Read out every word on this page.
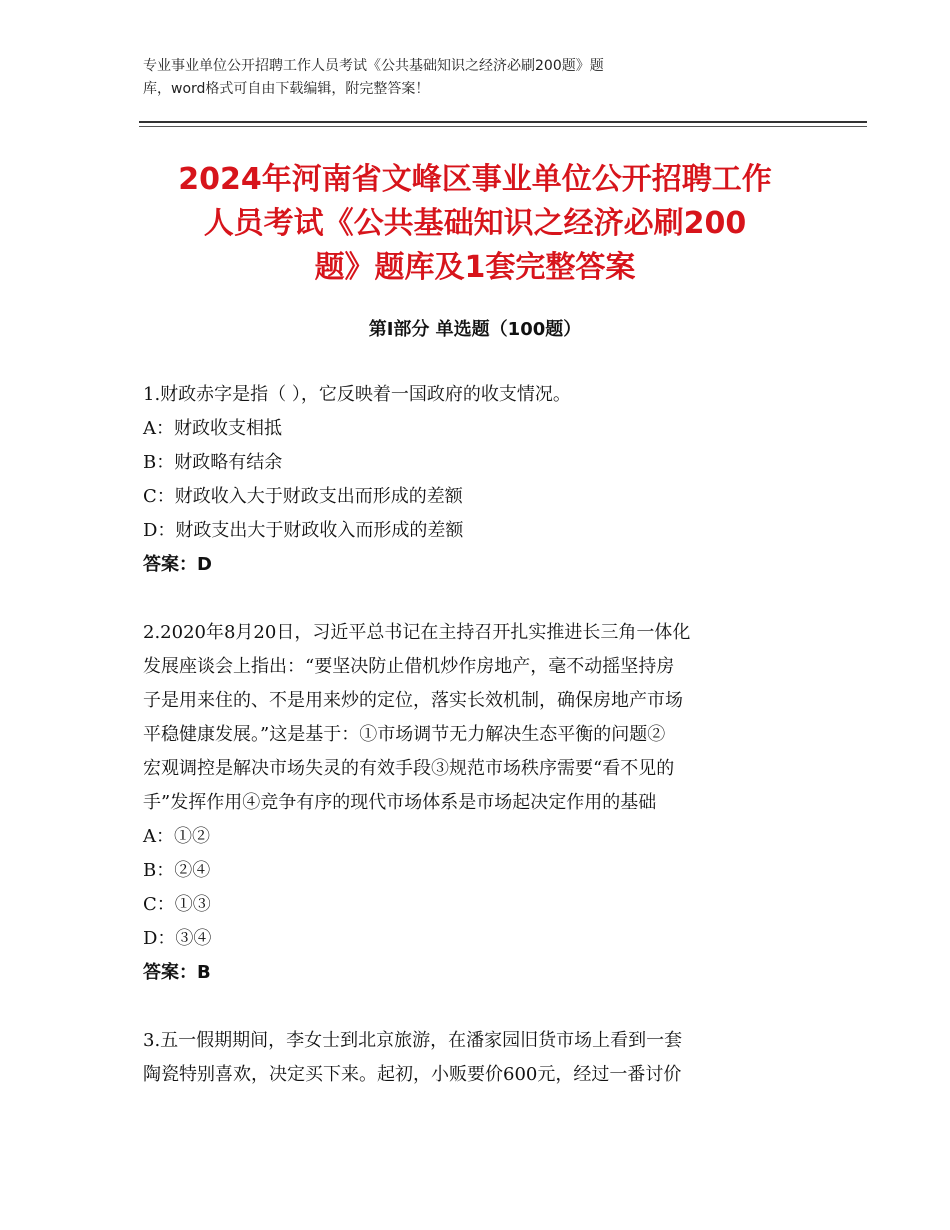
专业事业单位公开招聘工作人员考试《公共基础知识之经济必刷200题》题
库，word格式可自由下载编辑，附完整答案！
2024年河南省文峰区事业单位公开招聘工作
人员考试《公共基础知识之经济必刷200
题》题库及1套完整答案
第Ⅰ部分 单选题（100题）
1.财政赤字是指（ ），它反映着一国政府的收支情况。
A：财政收支相抵
B：财政略有结余
C：财政收入大于财政支出而形成的差额
D：财政支出大于财政收入而形成的差额
答案：D
2.2020年8月20日，习近平总书记在主持召开扎实推进长三角一体化
发展座谈会上指出：“要坚决防止借机炒作房地产，毫不动摇坚持房
子是用来住的、不是用来炒的定位，落实长效机制，确保房地产市场
平稳健康发展。”这是基于：①市场调节无力解决生态平衡的问题②
宏观调控是解决市场失灵的有效手段③规范市场秩序需要“看不见的
手”发挥作用④竞争有序的现代市场体系是市场起决定作用的基础
A：①②
B：②④
C：①③
D：③④
答案：B
3.五一假期期间，李女士到北京旅游，在潘家园旧货市场上看到一套
陶瓷特别喜欢，决定买下来。起初，小贩要价600元，经过一番讨价
